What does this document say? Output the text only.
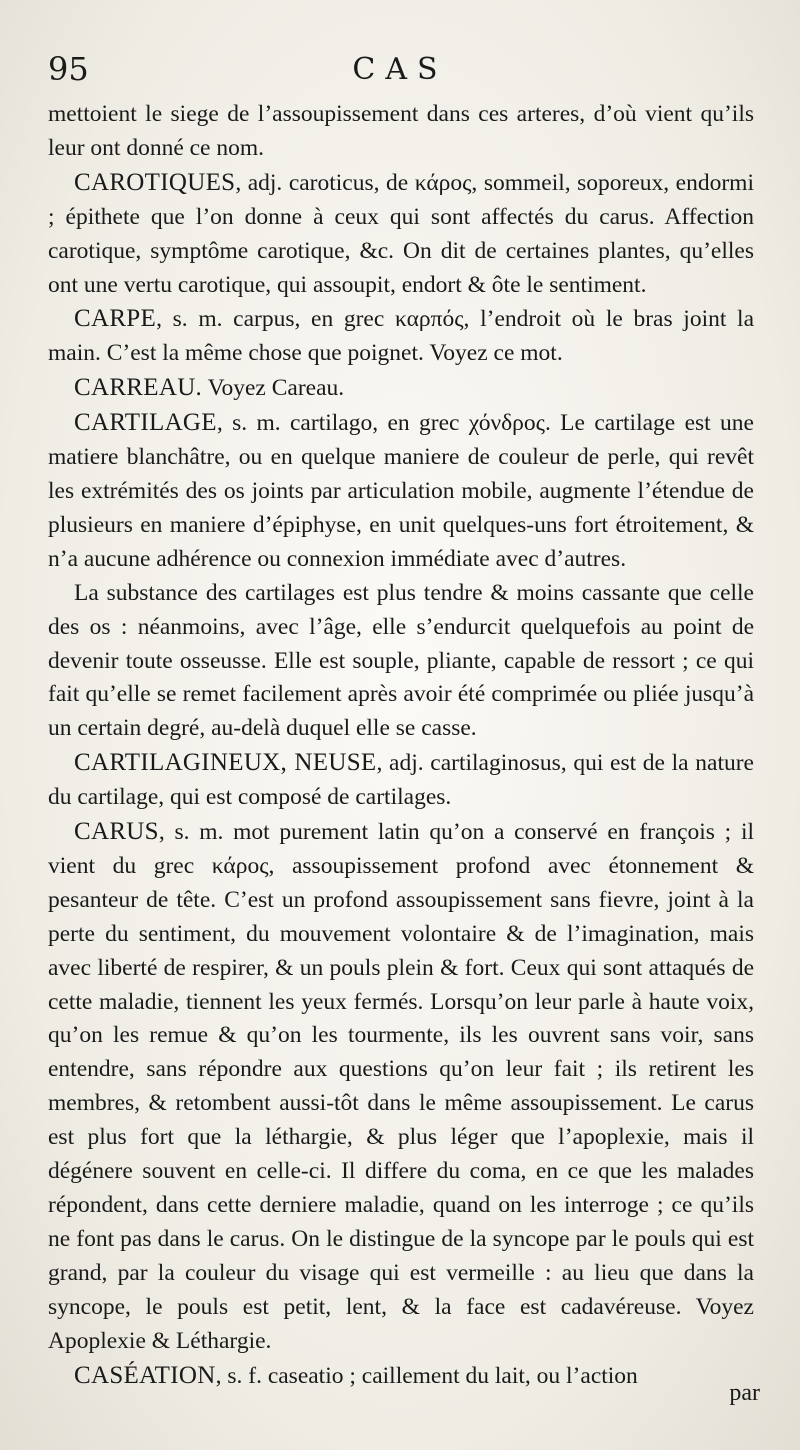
95	CAS

mettoient le siege de l’assoupissement dans ces arteres, d’où vient qu’ils leur ont donné ce nom.

CAROTIQUES, adj. caroticus, de κάρος, sommeil, soporeux, endormi ; épithete que l’on donne à ceux qui sont affectés du carus. Affection carotique, symptôme carotique, &c. On dit de certaines plantes, qu’elles ont une vertu carotique, qui assoupit, endort & ôte le sentiment.

CARPE, s. m. carpus, en grec καρπός, l’endroit où le bras joint la main. C’est la même chose que poignet. Voyez ce mot.

CARREAU. Voyez Careau.

CARTILAGE, s. m. cartilago, en grec χόνδρος. Le cartilage est une matiere blanchâtre, ou en quelque maniere de couleur de perle, qui revêt les extrémités des os joints par articulation mobile, augmente l’étendue de plusieurs en maniere d’épiphyse, en unit quelques-uns fort étroitement, & n’a aucune adhérence ou connexion immédiate avec d’autres.

La substance des cartilages est plus tendre & moins cassante que celle des os : néanmoins, avec l’âge, elle s’endurcit quelquefois au point de devenir toute osseusse. Elle est souple, pliante, capable de ressort ; ce qui fait qu’elle se remet facilement après avoir été comprimée ou pliée jusqu’à un certain degré, au-delà duquel elle se casse.

CARTILAGINEUX, NEUSE, adj. cartilaginosus, qui est de la nature du cartilage, qui est composé de cartilages.

CARUS, s. m. mot purement latin qu’on a conservé en françois ; il vient du grec κάρος, assoupissement profond avec étonnement & pesanteur de tête. C’est un profond assoupissement sans fievre, joint à la perte du sentiment, du mouvement volontaire & de l’imagination, mais avec liberté de respirer, & un pouls plein & fort. Ceux qui sont attaqués de cette maladie, tiennent les yeux fermés. Lorsqu’on leur parle à haute voix, qu’on les remue & qu’on les tourmente, ils les ouvrent sans voir, sans entendre, sans répondre aux questions qu’on leur fait ; ils retirent les membres, & retombent aussi-tôt dans le même assoupissement. Le carus est plus fort que la léthargie, & plus léger que l’apoplexie, mais il dégénere souvent en celle-ci. Il differe du coma, en ce que les malades répondent, dans cette derniere maladie, quand on les interroge ; ce qu’ils ne font pas dans le carus. On le distingue de la syncope par le pouls qui est grand, par la couleur du visage qui est vermeille : au lieu que dans la syncope, le pouls est petit, lent, & la face est cadavéreuse. Voyez Apoplexie & Léthargie.

CASÉATION, s. f. caseatio ; caillement du lait, ou l’action

par
